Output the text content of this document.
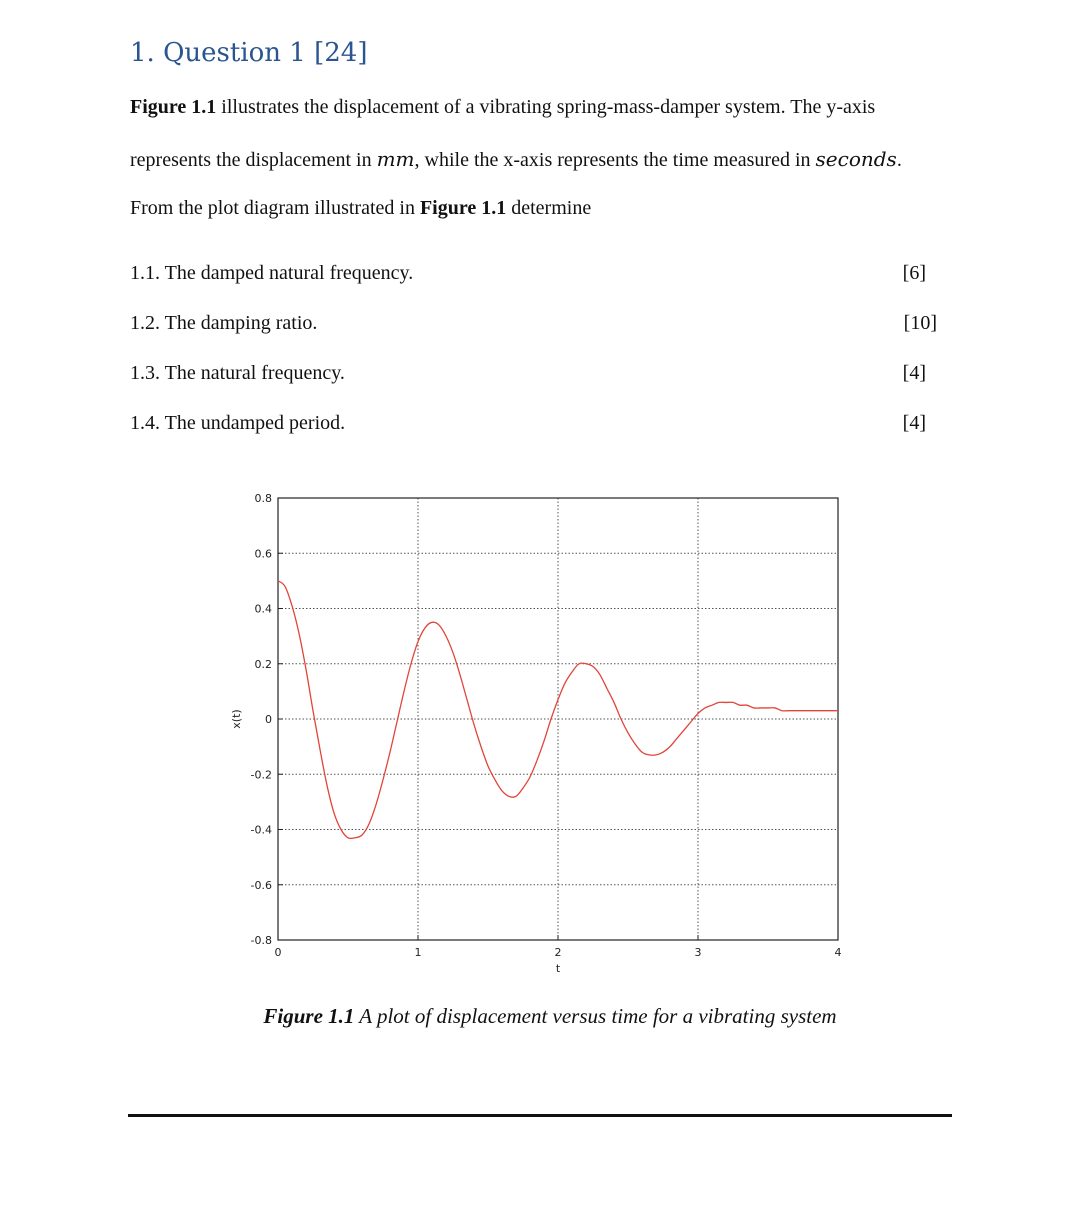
1. Question 1 [24]
Figure 1.1 illustrates the displacement of a vibrating spring-mass-damper system. The y-axis
represents the displacement in mm, while the x-axis represents the time measured in seconds.
From the plot diagram illustrated in Figure 1.1 determine
1.1. The damped natural frequency.	[6]
1.2. The damping ratio.	[10]
1.3. The natural frequency.	[4]
1.4. The undamped period.	[4]
-0.8
-0.6
-0.4
-0.2
0
0.2
0.4
0.6
0.8
0	1	2	3	4
t
x(t)
Figure 1.1 A plot of displacement versus time for a vibrating system
